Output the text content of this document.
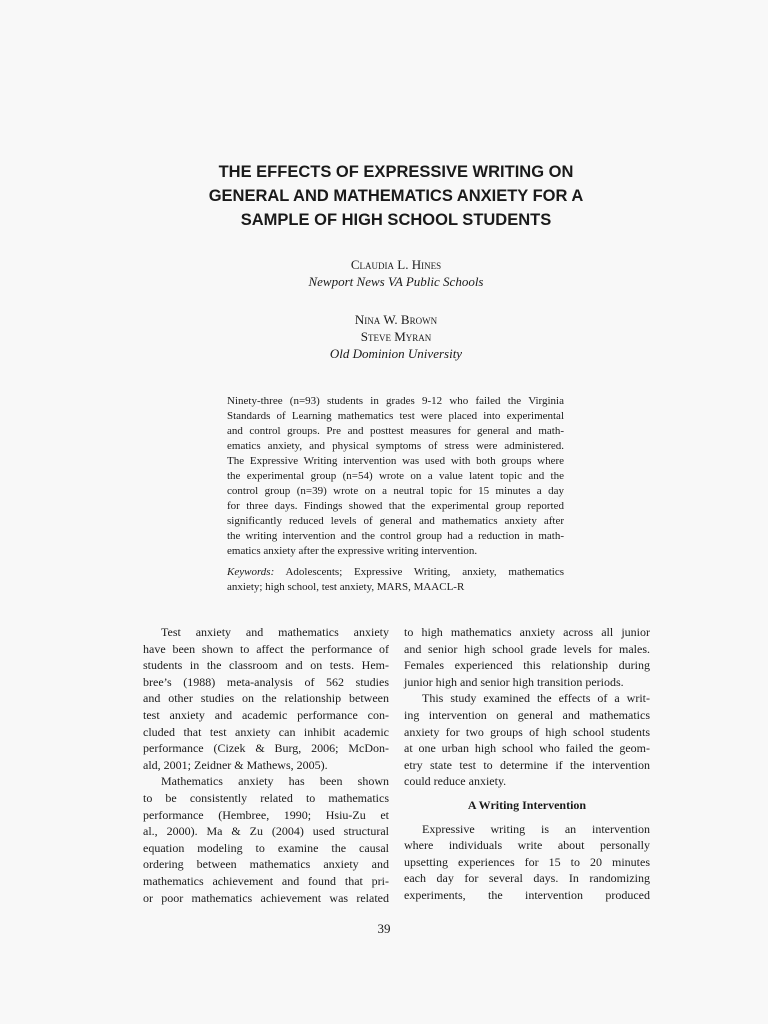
THE EFFECTS OF EXPRESSIVE WRITING ON
GENERAL AND MATHEMATICS ANXIETY FOR A
SAMPLE OF HIGH SCHOOL STUDENTS
Claudia L. Hines
Newport News VA Public Schools
Nina W. Brown
Steve Myran
Old Dominion University
Ninety-three (n=93) students in grades 9-12 who failed the Virginia
Standards of Learning mathematics test were placed into experimental
and control groups. Pre and posttest measures for general and math-
ematics anxiety, and physical symptoms of stress were administered.
The Expressive Writing intervention was used with both groups where
the experimental group (n=54) wrote on a value latent topic and the
control group (n=39) wrote on a neutral topic for 15 minutes a day
for three days. Findings showed that the experimental group reported
significantly reduced levels of general and mathematics anxiety after
the writing intervention and the control group had a reduction in math-
ematics anxiety after the expressive writing intervention.
Keywords: Adolescents; Expressive Writing, anxiety, mathematics
anxiety; high school, test anxiety, MARS, MAACL-R
Test anxiety and mathematics anxiety
have been shown to affect the performance of
students in the classroom and on tests. Hem-
bree’s (1988) meta-analysis of 562 studies
and other studies on the relationship between
test anxiety and academic performance con-
cluded that test anxiety can inhibit academic
performance (Cizek & Burg, 2006; McDon-
ald, 2001; Zeidner & Mathews, 2005).
Mathematics anxiety has been shown
to be consistently related to mathematics
performance (Hembree, 1990; Hsiu-Zu et
al., 2000). Ma & Zu (2004) used structural
equation modeling to examine the causal
ordering between mathematics anxiety and
mathematics achievement and found that pri-
or poor mathematics achievement was related
to high mathematics anxiety across all junior
and senior high school grade levels for males.
Females experienced this relationship during
junior high and senior high transition periods.
This study examined the effects of a writ-
ing intervention on general and mathematics
anxiety for two groups of high school students
at one urban high school who failed the geom-
etry state test to determine if the intervention
could reduce anxiety.
A Writing Intervention
Expressive writing is an intervention
where individuals write about personally
upsetting experiences for 15 to 20 minutes
each day for several days. In randomizing
experiments, the intervention produced
39
